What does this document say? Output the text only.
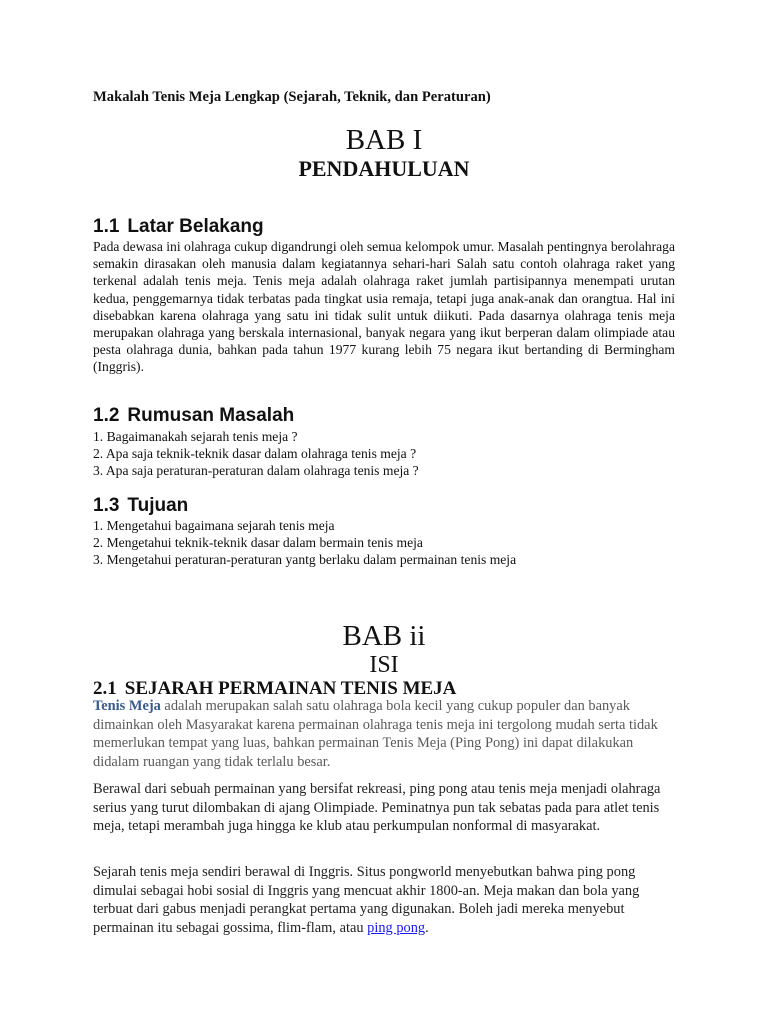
Makalah Tenis Meja Lengkap (Sejarah, Teknik, dan Peraturan)
BAB I
PENDAHULUAN
1.1 Latar Belakang
Pada dewasa ini olahraga cukup digandrungi oleh semua kelompok umur. Masalah pentingnya berolahraga semakin dirasakan oleh manusia dalam kegiatannya sehari-hari Salah satu contoh olahraga raket yang terkenal adalah tenis meja. Tenis meja adalah olahraga raket jumlah partisipannya menempati urutan kedua, penggemarnya tidak terbatas pada tingkat usia remaja, tetapi juga anak-anak dan orangtua. Hal ini disebabkan karena olahraga yang satu ini tidak sulit untuk diikuti. Pada dasarnya olahraga tenis meja merupakan olahraga yang berskala internasional, banyak negara yang ikut berperan dalam olimpiade atau pesta olahraga dunia, bahkan pada tahun 1977 kurang lebih 75 negara ikut bertanding di Bermingham (Inggris).
1.2 Rumusan Masalah
1. Bagaimanakah sejarah tenis meja ?
2. Apa saja teknik-teknik dasar dalam olahraga tenis meja ?
3. Apa saja peraturan-peraturan dalam olahraga tenis meja ?
1.3 Tujuan
1. Mengetahui bagaimana sejarah tenis meja
2. Mengetahui teknik-teknik dasar dalam bermain tenis meja
3. Mengetahui peraturan-peraturan yantg berlaku dalam permainan tenis meja
BAB ii
ISI
2.1 SEJARAH PERMAINAN TENIS MEJA
Tenis Meja adalah merupakan salah satu olahraga bola kecil yang cukup populer dan banyak dimainkan oleh Masyarakat karena permainan olahraga tenis meja ini tergolong mudah serta tidak memerlukan tempat yang luas, bahkan permainan Tenis Meja (Ping Pong) ini dapat dilakukan didalam ruangan yang tidak terlalu besar.
Berawal dari sebuah permainan yang bersifat rekreasi, ping pong atau tenis meja menjadi olahraga serius yang turut dilombakan di ajang Olimpiade. Peminatnya pun tak sebatas pada para atlet tenis meja, tetapi merambah juga hingga ke klub atau perkumpulan nonformal di masyarakat.
Sejarah tenis meja sendiri berawal di Inggris. Situs pongworld menyebutkan bahwa ping pong dimulai sebagai hobi sosial di Inggris yang mencuat akhir 1800-an. Meja makan dan bola yang terbuat dari gabus menjadi perangkat pertama yang digunakan. Boleh jadi mereka menyebut permainan itu sebagai gossima, flim-flam, atau ping pong.
